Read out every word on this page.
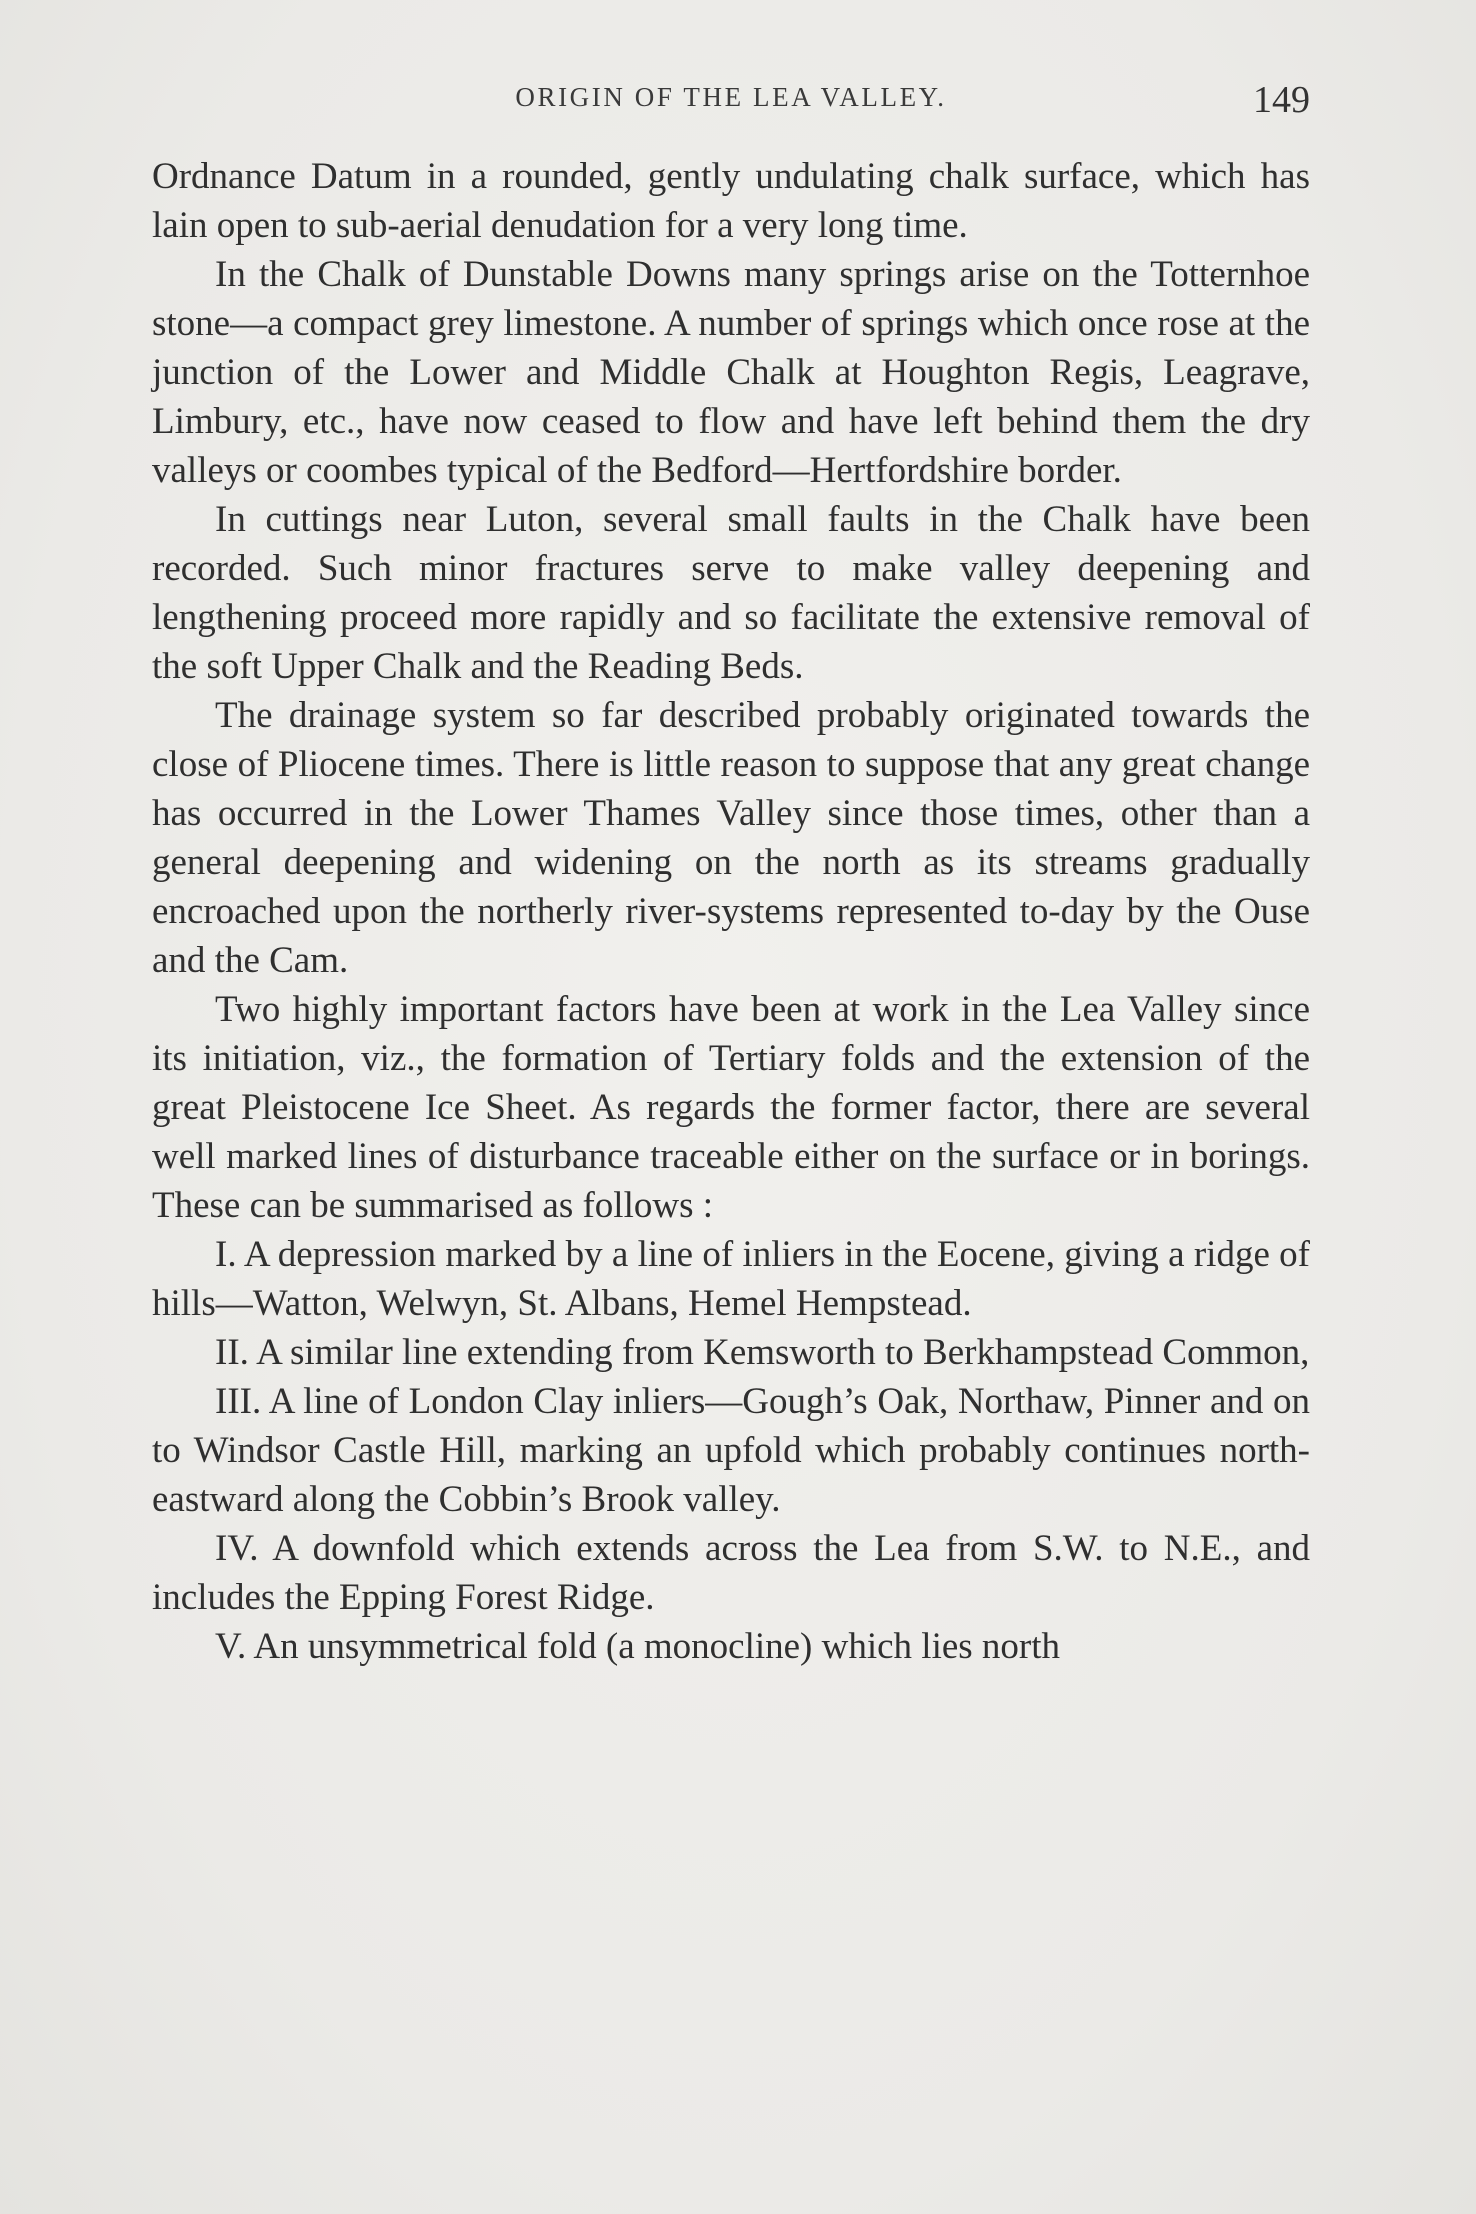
ORIGIN OF THE LEA VALLEY.	149

Ordnance Datum in a rounded, gently undulating chalk surface, which has lain open to sub-aerial denudation for a very long time.

In the Chalk of Dunstable Downs many springs arise on the Totternhoe stone—a compact grey limestone. A number of springs which once rose at the junction of the Lower and Middle Chalk at Houghton Regis, Leagrave, Limbury, etc., have now ceased to flow and have left behind them the dry valleys or coombes typical of the Bedford—Hertfordshire border.

In cuttings near Luton, several small faults in the Chalk have been recorded. Such minor fractures serve to make valley deepening and lengthening proceed more rapidly and so facilitate the extensive removal of the soft Upper Chalk and the Reading Beds.

The drainage system so far described probably originated towards the close of Pliocene times. There is little reason to suppose that any great change has occurred in the Lower Thames Valley since those times, other than a general deepening and widening on the north as its streams gradually encroached upon the northerly river-systems represented to-day by the Ouse and the Cam.

Two highly important factors have been at work in the Lea Valley since its initiation, viz., the formation of Tertiary folds and the extension of the great Pleistocene Ice Sheet. As regards the former factor, there are several well marked lines of disturbance traceable either on the surface or in borings. These can be summarised as follows :

I. A depression marked by a line of inliers in the Eocene, giving a ridge of hills—Watton, Welwyn, St. Albans, Hemel Hempstead.

II. A similar line extending from Kemsworth to Berkhampstead Common,

III. A line of London Clay inliers—Gough’s Oak, Northaw, Pinner and on to Windsor Castle Hill, marking an upfold which probably continues north-eastward along the Cobbin’s Brook valley.

IV. A downfold which extends across the Lea from S.W. to N.E., and includes the Epping Forest Ridge.

V. An unsymmetrical fold (a monocline) which lies north
